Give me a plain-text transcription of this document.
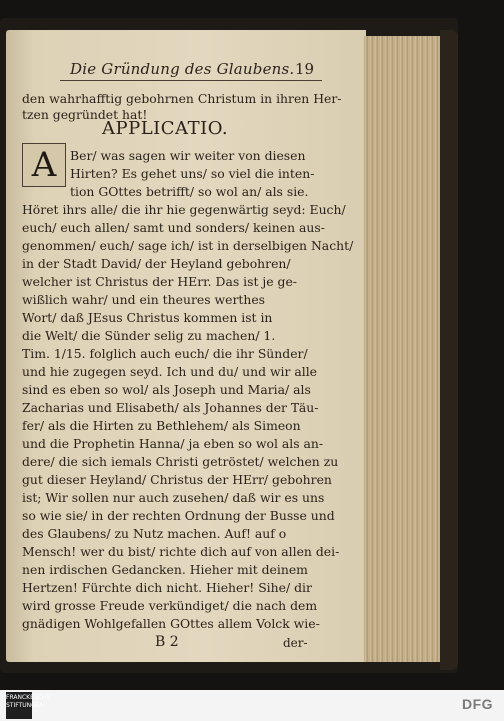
Die Gründung des Glaubens. 19
den wahrhafftig gebohrnen Christum in ihren Her-
tzen gegründet hat!
APPLICATIO.
A	Ber/ was sagen wir weiter von diesen
Hirten? Es gehet uns/ so viel die inten-
tion GOttes betrifft/ so wol an/ als sie.
Höret ihrs alle/ die ihr hie gegenwärtig seyd: Euch/
euch/ euch allen/ samt und sonders/ keinen aus-
genommen/ euch/ sage ich/ ist in derselbigen Nacht/
in der Stadt David/ der Heyland gebohren/
welcher ist Christus der HErr. Das ist je ge-
wißlich wahr/ und ein theures werthes
Wort/ daß JEsus Christus kommen ist in
die Welt/ die Sünder selig zu machen/ 1.
Tim. 1/15. folglich auch euch/ die ihr Sünder/
und hie zugegen seyd. Ich und du/ und wir alle
sind es eben so wol/ als Joseph und Maria/ als
Zacharias und Elisabeth/ als Johannes der Täu-
fer/ als die Hirten zu Bethlehem/ als Simeon
und die Prophetin Hanna/ ja eben so wol als an-
dere/ die sich iemals Christi getröstet/ welchen zu
gut dieser Heyland/ Christus der HErr/ gebohren
ist; Wir sollen nur auch zusehen/ daß wir es uns
so wie sie/ in der rechten Ordnung der Busse und
des Glaubens/ zu Nutz machen. Auf! auf o
Mensch! wer du bist/ richte dich auf von allen dei-
nen irdischen Gedancken. Hieher mit deinem
Hertzen! Fürchte dich nicht. Hieher! Sihe/ dir
wird grosse Freude verkündiget/ die nach dem
gnädigen Wohlgefallen GOttes allem Volck wie-
B 2	der-
FRANCKESCHE STIFTUNGEN	DFG
